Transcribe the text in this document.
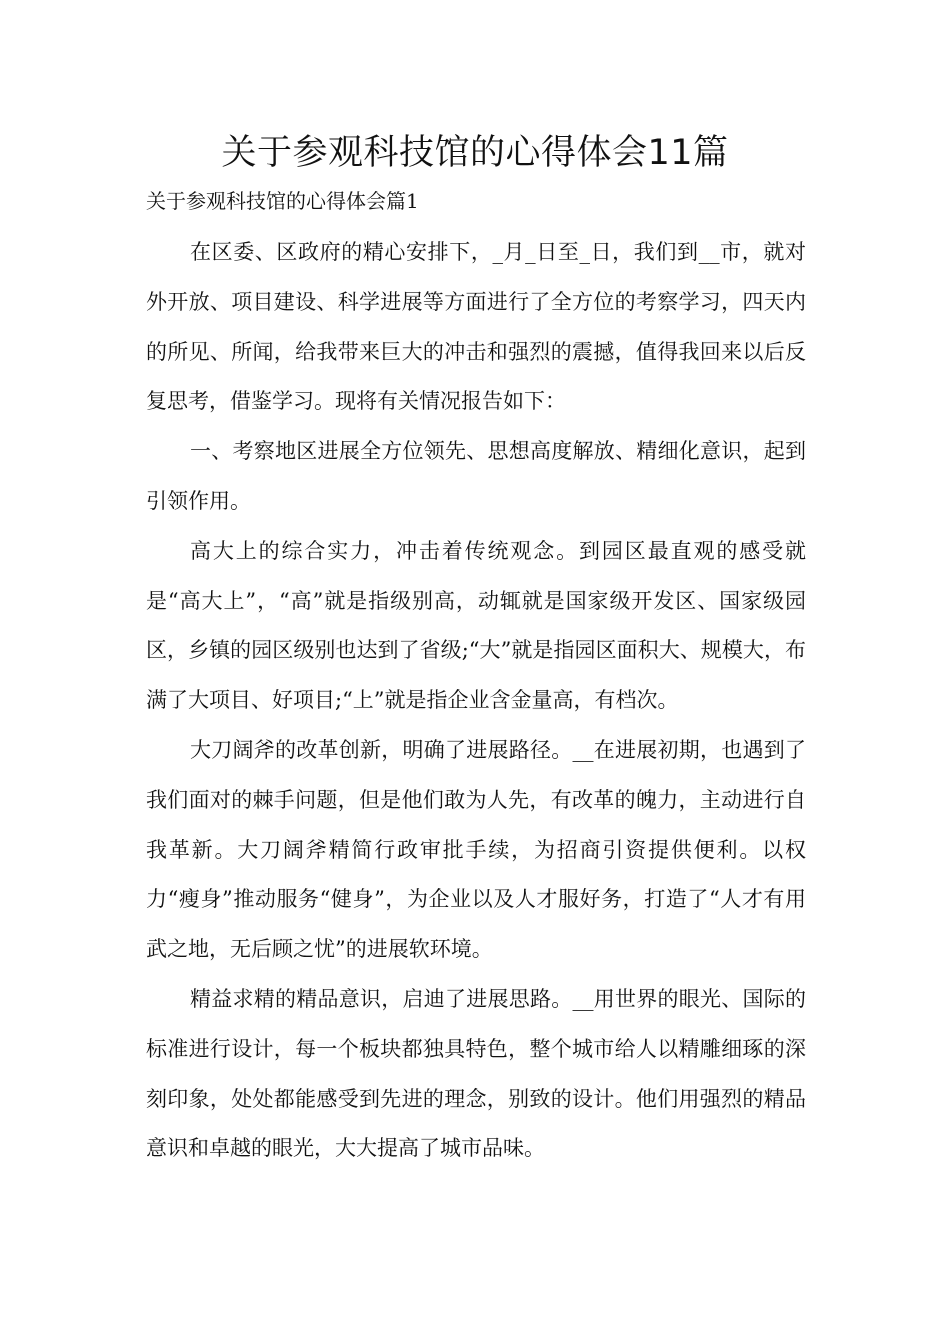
关于参观科技馆的心得体会11篇

关于参观科技馆的心得体会篇1

在区委、区政府的精心安排下，_月_日至_日，我们到__市，就对外开放、项目建设、科学进展等方面进行了全方位的考察学习，四天内的所见、所闻，给我带来巨大的冲击和强烈的震撼，值得我回来以后反复思考，借鉴学习。现将有关情况报告如下：

一、考察地区进展全方位领先、思想高度解放、精细化意识，起到引领作用。

高大上的综合实力，冲击着传统观念。到园区最直观的感受就是“高大上”，“高”就是指级别高，动辄就是国家级开发区、国家级园区，乡镇的园区级别也达到了省级;“大”就是指园区面积大、规模大，布满了大项目、好项目;“上”就是指企业含金量高，有档次。

大刀阔斧的改革创新，明确了进展路径。__在进展初期，也遇到了我们面对的棘手问题，但是他们敢为人先，有改革的魄力，主动进行自我革新。大刀阔斧精简行政审批手续，为招商引资提供便利。以权力“瘦身”推动服务“健身”，为企业以及人才服好务，打造了“人才有用武之地，无后顾之忧”的进展软环境。

精益求精的精品意识，启迪了进展思路。__用世界的眼光、国际的标准进行设计，每一个板块都独具特色，整个城市给人以精雕细琢的深刻印象，处处都能感受到先进的理念，别致的设计。他们用强烈的精品意识和卓越的眼光，大大提高了城市品味。
